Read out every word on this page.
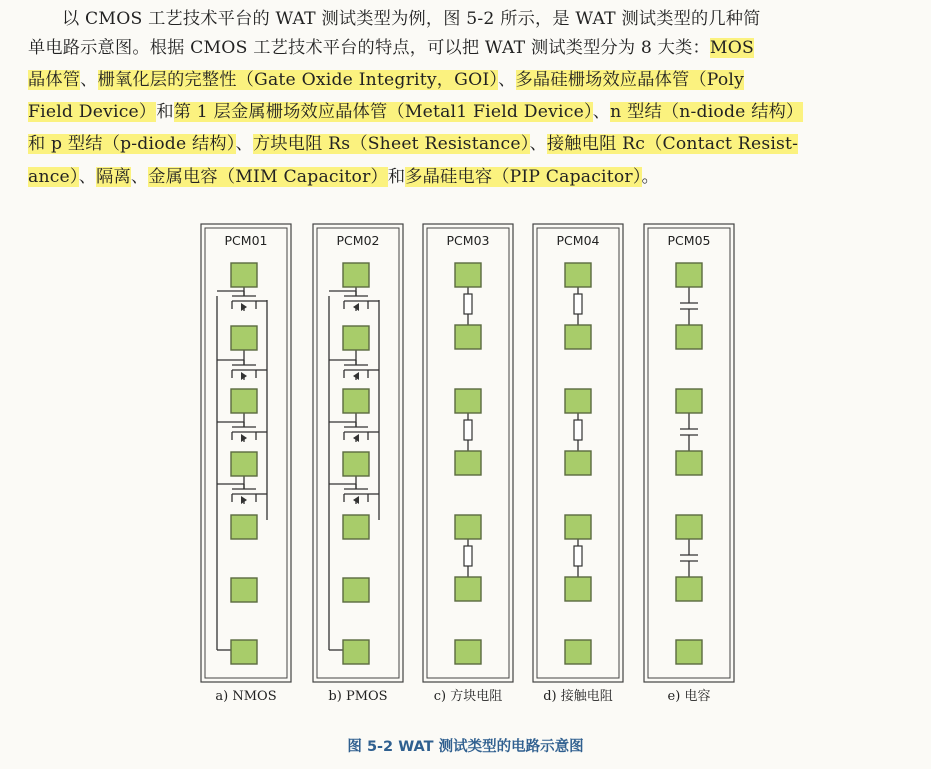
以 CMOS 工艺技术平台的 WAT 测试类型为例，图 5-2 所示，是 WAT 测试类型的几种简
单电路示意图。根据 CMOS 工艺技术平台的特点，可以把 WAT 测试类型分为 8 大类：MOS
晶体管、栅氧化层的完整性（Gate Oxide Integrity，GOI）、多晶硅栅场效应晶体管（Poly
Field Device）和第 1 层金属栅场效应晶体管（Metal1 Field Device）、n 型结（n-diode 结构）
和 p 型结（p-diode 结构）、方块电阻 Rs（Sheet Resistance）、接触电阻 Rc（Contact Resist-
ance）、隔离、金属电容（MIM Capacitor）和多晶硅电容（PIP Capacitor）。
PCM01
a) NMOS
PCM02
b) PMOS
PCM03
c) 方块电阻
PCM04
d) 接触电阻
PCM05
e) 电容
图 5-2 WAT 测试类型的电路示意图
